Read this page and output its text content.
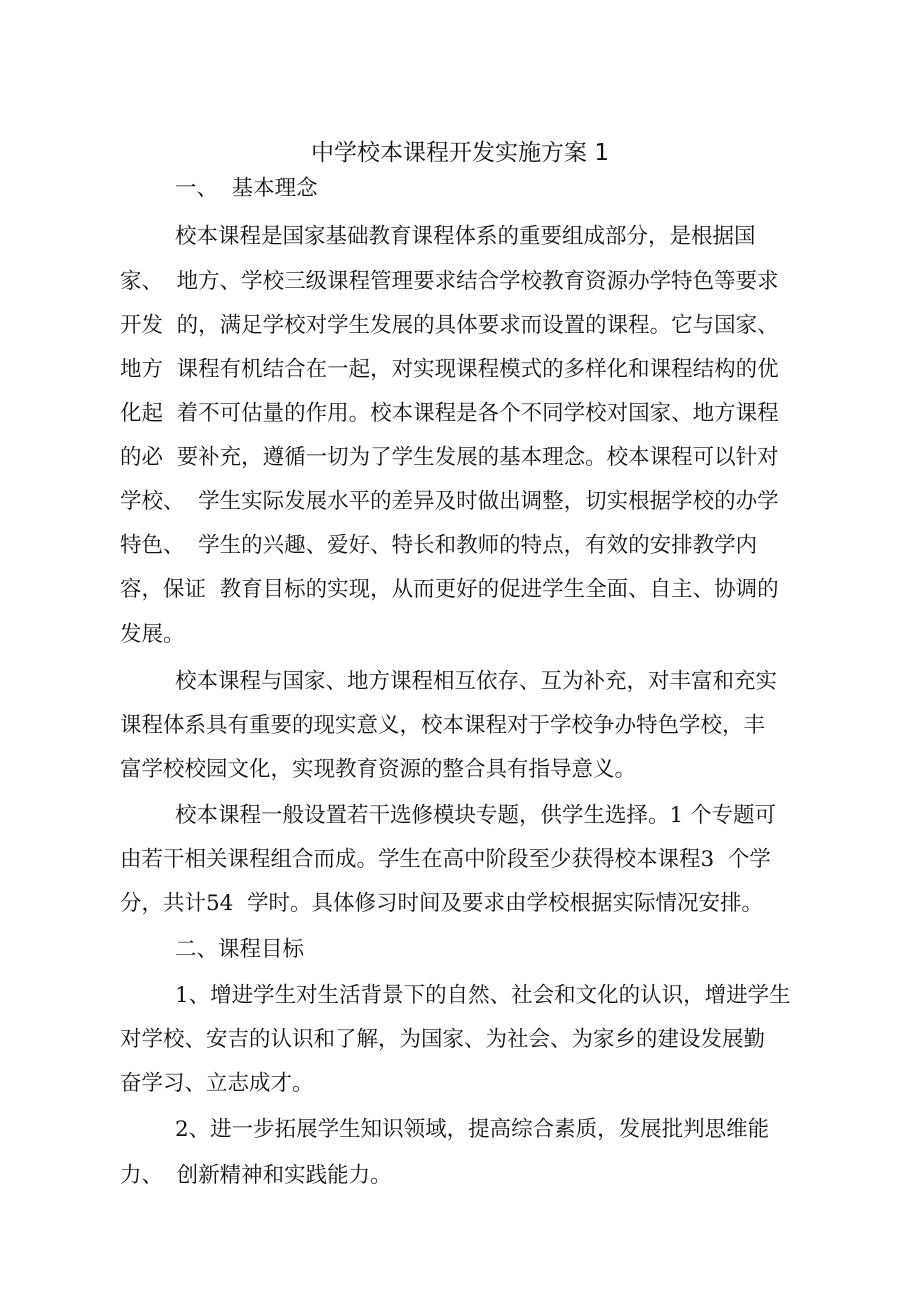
中学校本课程开发实施方案 1
一、  基本理念
校本课程是国家基础教育课程体系的重要组成部分，是根据国
家、  地方、学校三级课程管理要求结合学校教育资源办学特色等要求
开发  的，满足学校对学生发展的具体要求而设置的课程。它与国家、
地方  课程有机结合在一起，对实现课程模式的多样化和课程结构的优
化起  着不可估量的作用。校本课程是各个不同学校对国家、地方课程
的必  要补充，遵循一切为了学生发展的基本理念。校本课程可以针对
学校、  学生实际发展水平的差异及时做出调整，切实根据学校的办学
特色、  学生的兴趣、爱好、特长和教师的特点，有效的安排教学内
容，保证  教育目标的实现，从而更好的促进学生全面、自主、协调的
发展。
校本课程与国家、地方课程相互依存、互为补充，对丰富和充实
课程体系具有重要的现实意义，校本课程对于学校争办特色学校，丰
富学校校园文化，实现教育资源的整合具有指导意义。
校本课程一般设置若干选修模块专题，供学生选择。1 个专题可
由若干相关课程组合而成。学生在高中阶段至少获得校本课程3  个学
分，共计54  学时。具体修习时间及要求由学校根据实际情况安排。
二、课程目标
1、增进学生对生活背景下的自然、社会和文化的认识，增进学生
对学校、安吉的认识和了解，为国家、为社会、为家乡的建设发展勤
奋学习、立志成才。
2、进一步拓展学生知识领域，提高综合素质，发展批判思维能
力、  创新精神和实践能力。
